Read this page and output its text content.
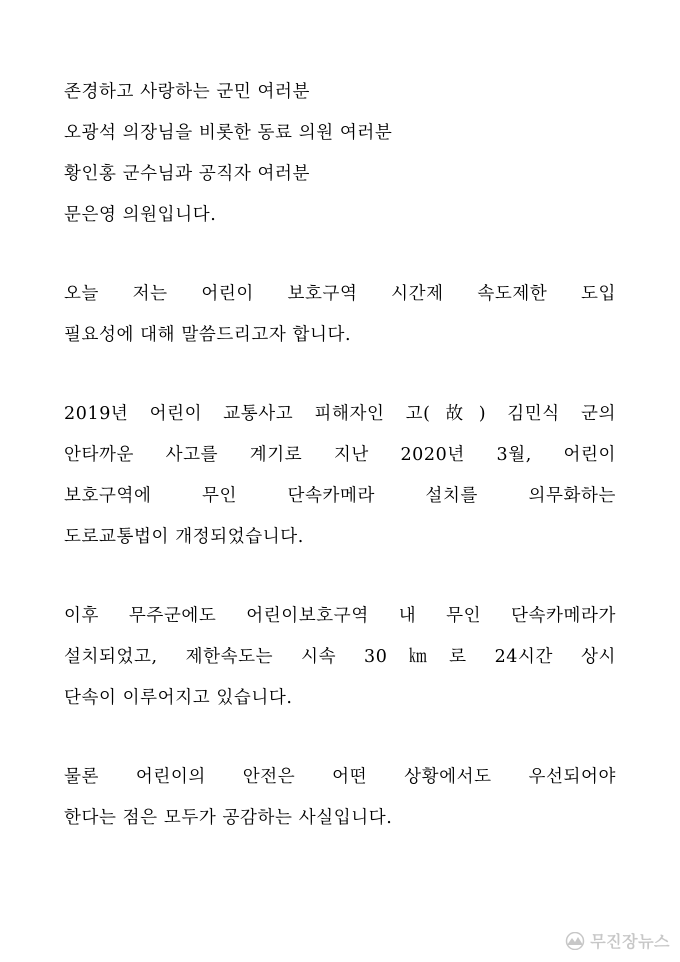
존경하고 사랑하는 군민 여러분
오광석 의장님을 비롯한 동료 의원 여러분
황인홍 군수님과 공직자 여러분
문은영 의원입니다.
오늘 저는 어린이 보호구역 시간제 속도제한 도입
필요성에 대해 말씀드리고자 합니다.
2019년 어린이 교통사고 피해자인 고(故) 김민식 군의
안타까운 사고를 계기로 지난 2020년 3월, 어린이
보호구역에 무인 단속카메라 설치를 의무화하는
도로교통법이 개정되었습니다.
이후 무주군에도 어린이보호구역 내 무인 단속카메라가
설치되었고, 제한속도는 시속 30㎞로 24시간 상시
단속이 이루어지고 있습니다.
물론 어린이의 안전은 어떤 상황에서도 우선되어야
한다는 점은 모두가 공감하는 사실입니다.
무진장뉴스
